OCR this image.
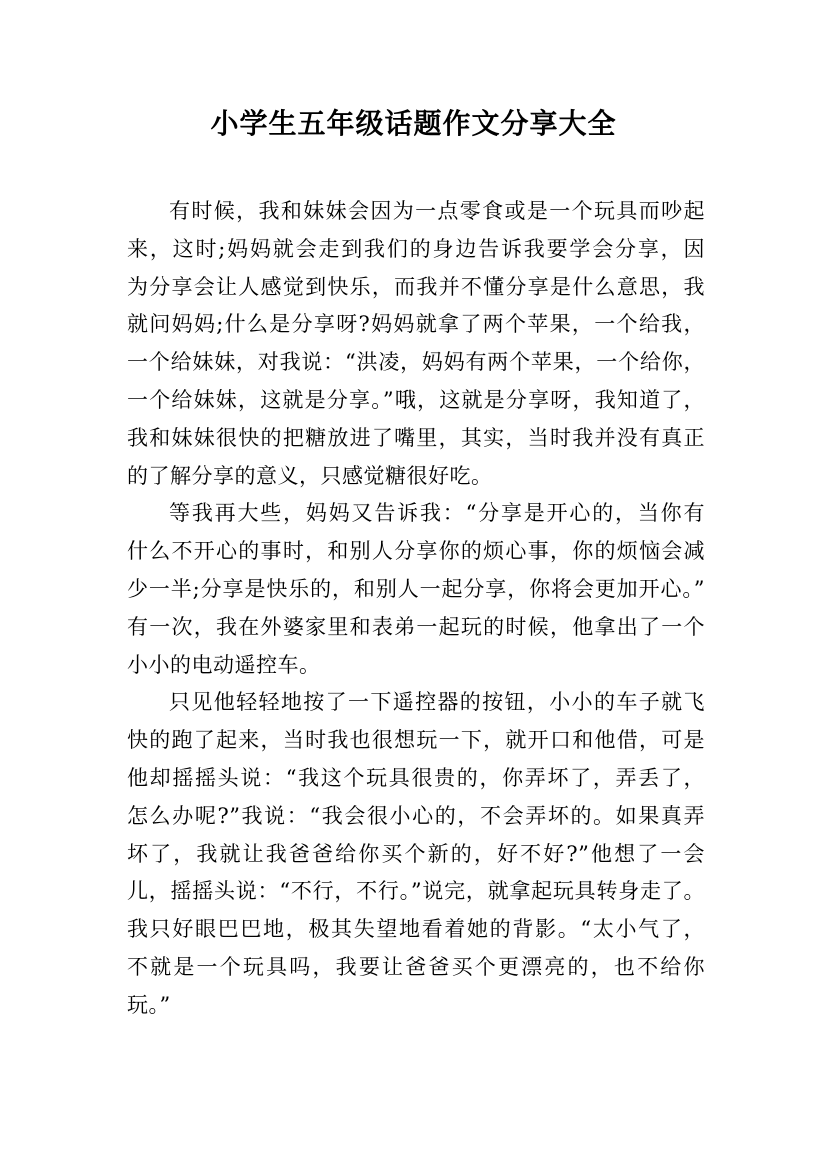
小学生五年级话题作文分享大全
有时候，我和妹妹会因为一点零食或是一个玩具而吵起
来，这时;妈妈就会走到我们的身边告诉我要学会分享，因
为分享会让人感觉到快乐，而我并不懂分享是什么意思，我
就问妈妈;什么是分享呀?妈妈就拿了两个苹果，一个给我，
一个给妹妹，对我说：“洪凌，妈妈有两个苹果，一个给你，
一个给妹妹，这就是分享。”哦，这就是分享呀，我知道了，
我和妹妹很快的把糖放进了嘴里，其实，当时我并没有真正
的了解分享的意义，只感觉糖很好吃。
等我再大些，妈妈又告诉我：“分享是开心的，当你有
什么不开心的事时，和别人分享你的烦心事，你的烦恼会减
少一半;分享是快乐的，和别人一起分享，你将会更加开心。”
有一次，我在外婆家里和表弟一起玩的时候，他拿出了一个
小小的电动遥控车。
只见他轻轻地按了一下遥控器的按钮，小小的车子就飞
快的跑了起来，当时我也很想玩一下，就开口和他借，可是
他却摇摇头说：“我这个玩具很贵的，你弄坏了，弄丢了，
怎么办呢?”我说：“我会很小心的，不会弄坏的。如果真弄
坏了，我就让我爸爸给你买个新的，好不好?”他想了一会
儿，摇摇头说：“不行，不行。”说完，就拿起玩具转身走了。
我只好眼巴巴地，极其失望地看着她的背影。“太小气了，
不就是一个玩具吗，我要让爸爸买个更漂亮的，也不给你
玩。”
